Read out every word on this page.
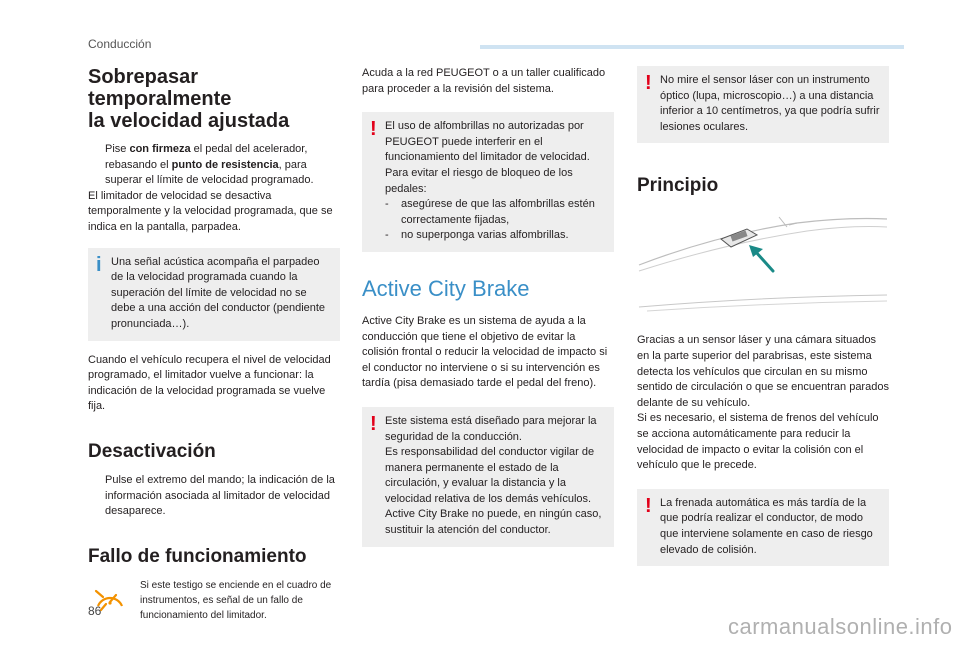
Conducción
Sobrepasar temporalmente
la velocidad ajustada
Pise con firmeza el pedal del acelerador, rebasando el punto de resistencia, para superar el límite de velocidad programado.

El limitador de velocidad se desactiva temporalmente y la velocidad programada, que se indica en la pantalla, parpadea.

i Una señal acústica acompaña el parpadeo de la velocidad programada cuando la superación del límite de velocidad no se debe a una acción del conductor (pendiente pronunciada…).

Cuando el vehículo recupera el nivel de velocidad programado, el limitador vuelve a funcionar: la indicación de la velocidad programada se vuelve fija.

Desactivación
Pulse el extremo del mando; la indicación de la información asociada al limitador de velocidad desaparece.
Fallo de funcionamiento
Si este testigo se enciende en el cuadro de instrumentos, es señal de un fallo de funcionamiento del limitador.

Acuda a la red PEUGEOT o a un taller cualificado para proceder a la revisión del sistema.

! El uso de alfombrillas no autorizadas por PEUGEOT puede interferir en el funcionamiento del limitador de velocidad.
Para evitar el riesgo de bloqueo de los pedales:
- asegúrese de que las alfombrillas estén correctamente fijadas,
- no superponga varias alfombrillas.
Active City Brake

Active City Brake es un sistema de ayuda a la conducción que tiene el objetivo de evitar la colisión frontal o reducir la velocidad de impacto si el conductor no interviene o si su intervención es tardía (pisa demasiado tarde el pedal del freno).

! Este sistema está diseñado para mejorar la seguridad de la conducción.
Es responsabilidad del conductor vigilar de manera permanente el estado de la circulación, y evaluar la distancia y la velocidad relativa de los demás vehículos.
Active City Brake no puede, en ningún caso, sustituir la atención del conductor.
! No mire el sensor láser con un instrumento óptico (lupa, microscopio…) a una distancia inferior a 10 centímetros, ya que podría sufrir lesiones oculares.
Principio

Gracias a un sensor láser y una cámara situados en la parte superior del parabrisas, este sistema detecta los vehículos que circulan en su mismo sentido de circulación o que se encuentran parados delante de su vehículo.

Si es necesario, el sistema de frenos del vehículo se acciona automáticamente para reducir la velocidad de impacto o evitar la colisión con el vehículo que le precede.

! La frenada automática es más tardía de la que podría realizar el conductor, de modo que interviene solamente en caso de riesgo elevado de colisión.
86
carmanualsonline.info
